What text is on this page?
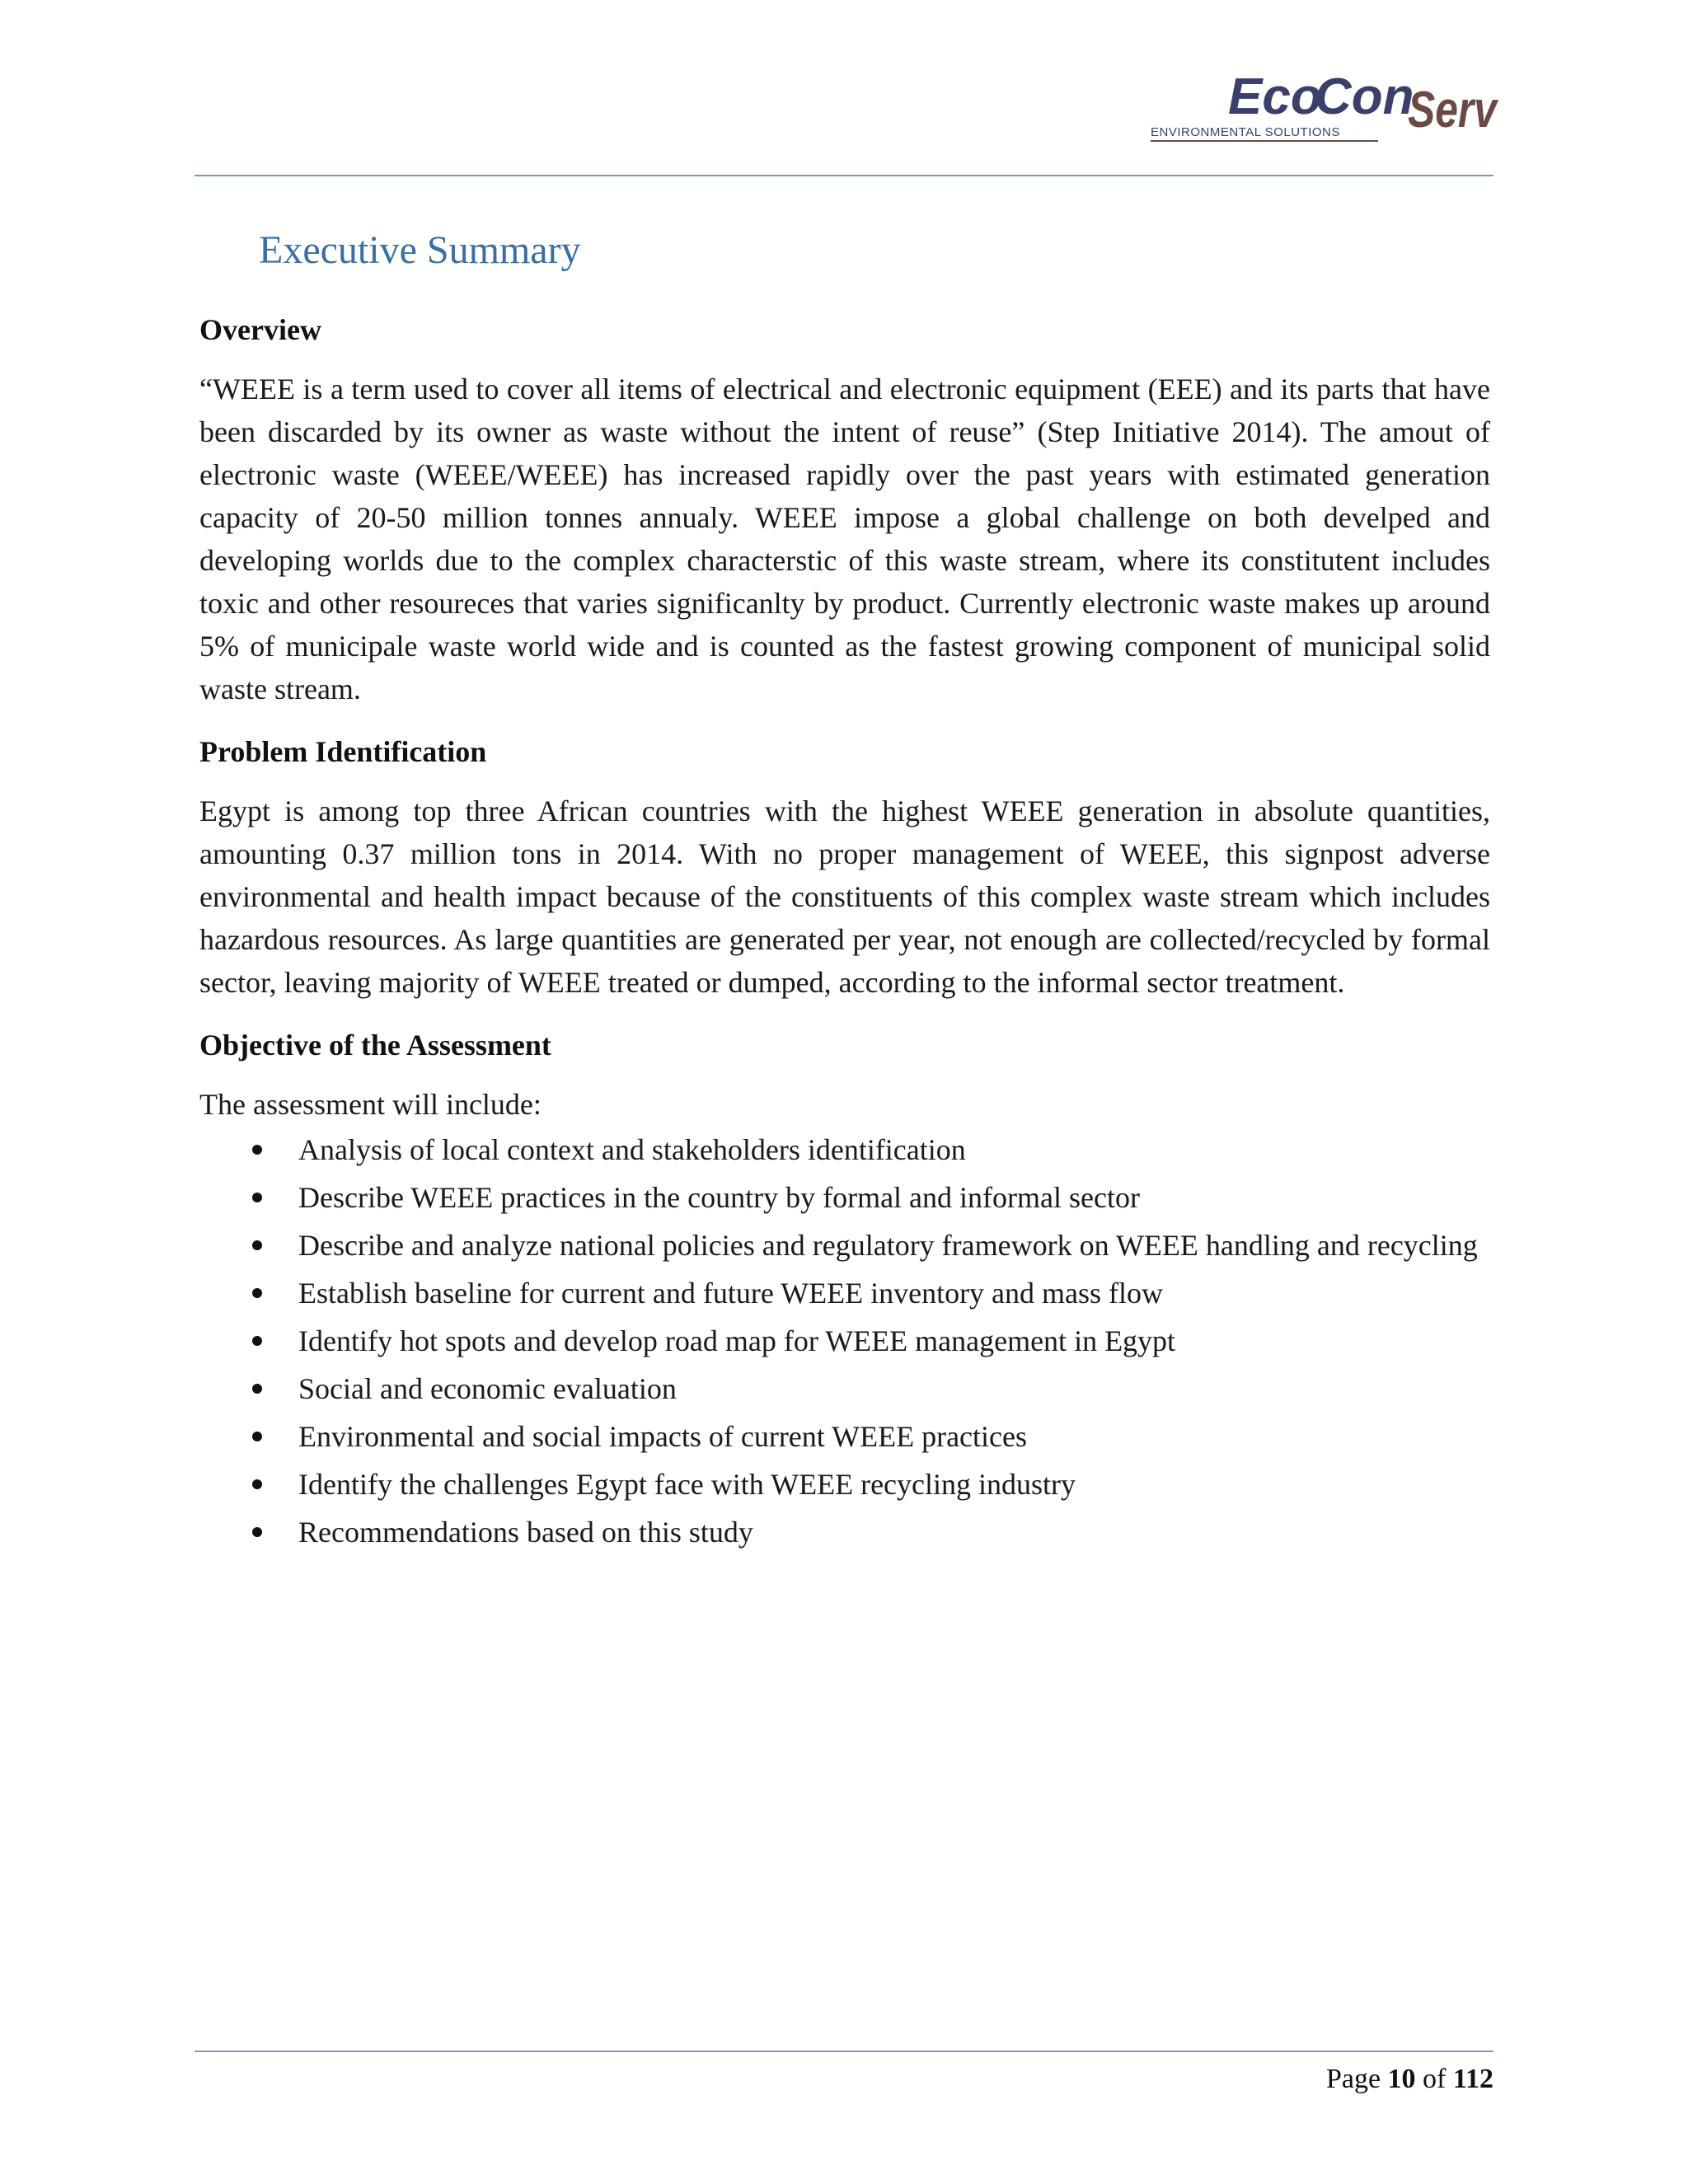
Eco
Con
Serv
ENVIRONMENTAL SOLUTIONS
Executive Summary
Overview

“WEEE is a term used to cover all items of electrical and electronic equipment (EEE) and its parts that have been discarded by its owner as waste without the intent of reuse” (Step Initiative 2014). The amout of electronic waste (WEEE/WEEE) has increased rapidly over the past years with estimated generation capacity of 20-50 million tonnes annualy. WEEE impose a global challenge on both develped and developing worlds due to the complex characterstic of this waste stream, where its constitutent includes toxic and other resoureces that varies significanlty by product. Currently electronic waste makes up around 5% of municipale waste world wide and is counted as the fastest growing component of municipal solid waste stream.

Problem Identification

Egypt is among top three African countries with the highest WEEE generation in absolute quantities, amounting 0.37 million tons in 2014. With no proper management of WEEE, this signpost adverse environmental and health impact because of the constituents of this complex waste stream which includes hazardous resources. As large quantities are generated per year, not enough are collected/recycled by formal sector, leaving majority of WEEE treated or dumped, according to the informal sector treatment.

Objective of the Assessment

The assessment will include:

Analysis of local context and stakeholders identification
Describe WEEE practices in the country by formal and informal sector
Describe and analyze national policies and regulatory framework on WEEE handling and recycling
Establish baseline for current and future WEEE inventory and mass flow
Identify hot spots and develop road map for WEEE management in Egypt
Social and economic evaluation
Environmental and social impacts of current WEEE practices
Identify the challenges Egypt face with WEEE recycling industry
Recommendations based on this study
Page 10 of 112
